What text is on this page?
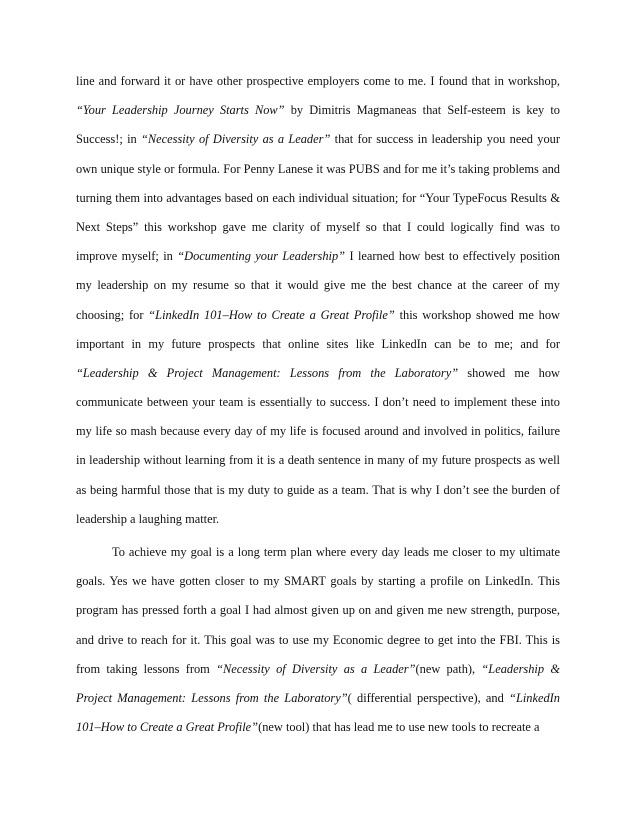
line and forward it or have other prospective employers come to me. I found that in workshop,
“Your Leadership Journey Starts Now” by Dimitris Magmaneas that Self-esteem is key to
Success!; in “Necessity of Diversity as a Leader” that for success in leadership you need your
own unique style or formula. For Penny Lanese it was PUBS and for me it’s taking problems and
turning them into advantages based on each individual situation; for “Your TypeFocus Results &
Next Steps” this workshop gave me clarity of myself so that I could logically find was to
improve myself; in “Documenting your Leadership” I learned how best to effectively position
my leadership on my resume so that it would give me the best chance at the career of my
choosing; for “LinkedIn 101–How to Create a Great Profile” this workshop showed me how
important in my future prospects that online sites like LinkedIn can be to me; and for
“Leadership & Project Management: Lessons from the Laboratory” showed me how
communicate between your team is essentially to success. I don’t need to implement these into
my life so mash because every day of my life is focused around and involved in politics, failure
in leadership without learning from it is a death sentence in many of my future prospects as well
as being harmful those that is my duty to guide as a team. That is why I don’t see the burden of
leadership a laughing matter.
To achieve my goal is a long term plan where every day leads me closer to my ultimate
goals. Yes we have gotten closer to my SMART goals by starting a profile on LinkedIn. This
program has pressed forth a goal I had almost given up on and given me new strength, purpose,
and drive to reach for it. This goal was to use my Economic degree to get into the FBI. This is
from taking lessons from “Necessity of Diversity as a Leader”(new path), “Leadership &
Project Management: Lessons from the Laboratory”( differential perspective), and “LinkedIn
101–How to Create a Great Profile”(new tool) that has lead me to use new tools to recreate a
